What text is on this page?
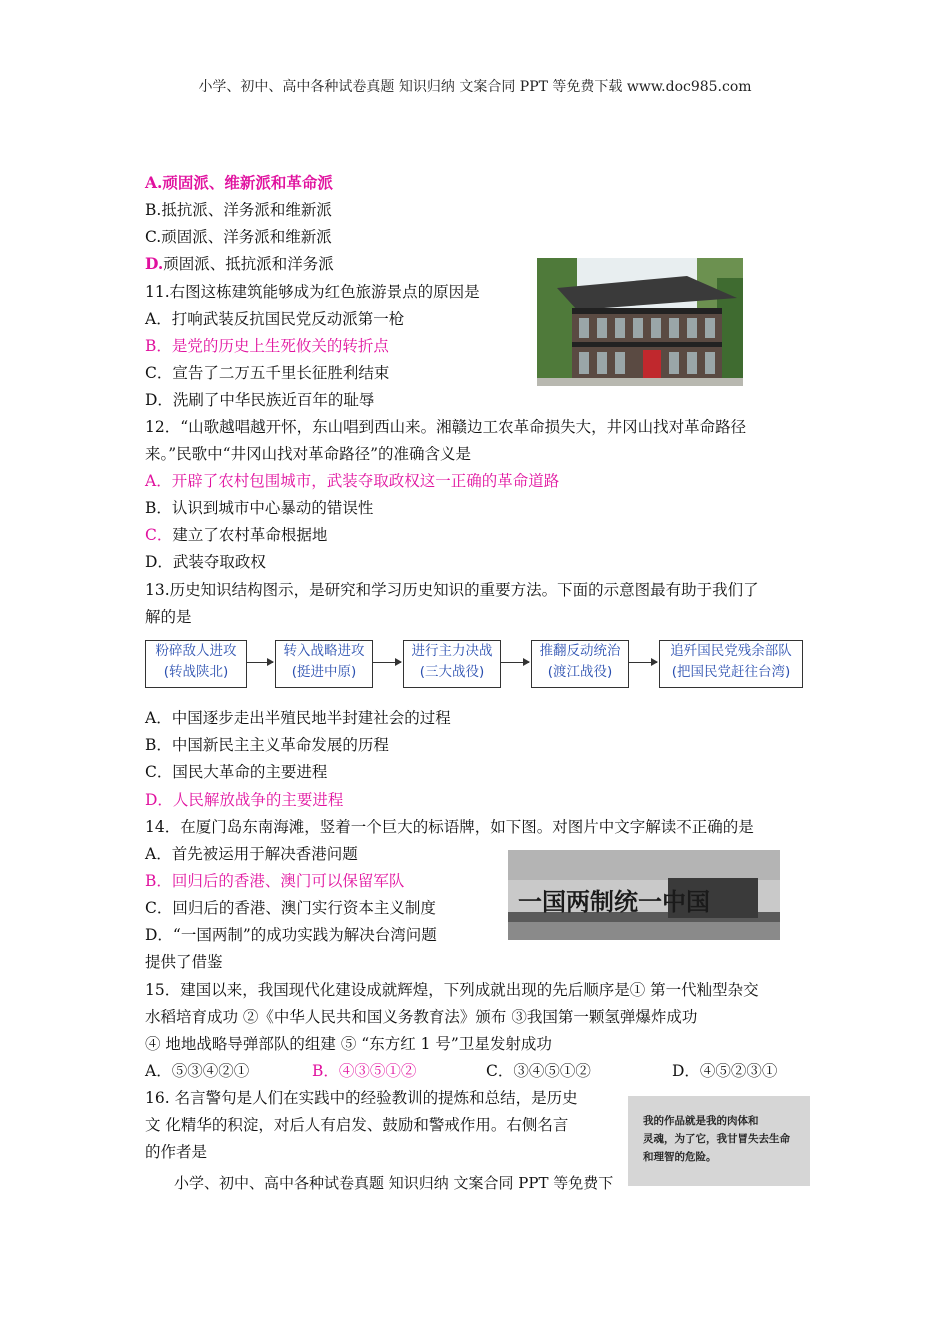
小学、初中、高中各种试卷真题 知识归纳 文案合同 PPT 等免费下载 www.doc985.com
A.顽固派、维新派和革命派
B.抵抗派、洋务派和维新派
C.顽固派、洋务派和维新派
D.顽固派、抵抗派和洋务派
11.右图这栋建筑能够成为红色旅游景点的原因是
A．打响武装反抗国民党反动派第一枪
B．是党的历史上生死攸关的转折点
C．宣告了二万五千里长征胜利结束
D．洗刷了中华民族近百年的耻辱
12．“山歌越唱越开怀，东山唱到西山来。湘赣边工农革命损失大，井冈山找对革命路径
来。”民歌中“井冈山找对革命路径”的准确含义是
A．开辟了农村包围城市，武装夺取政权这一正确的革命道路
B．认识到城市中心暴动的错误性
C．建立了农村革命根据地
D．武装夺取政权
13.历史知识结构图示，是研究和学习历史知识的重要方法。下面的示意图最有助于我们了
解的是
粉碎敌人进攻
(转战陕北)
转入战略进攻
(挺进中原)
进行主力决战
(三大战役)
推翻反动统治
(渡江战役)
追歼国民党残余部队
(把国民党赶往台湾)
A．中国逐步走出半殖民地半封建社会的过程
B．中国新民主主义革命发展的历程
C．国民大革命的主要进程
D．人民解放战争的主要进程
14．在厦门岛东南海滩，竖着一个巨大的标语牌，如下图。对图片中文字解读不正确的是
A．首先被运用于解决香港问题
B．回归后的香港、澳门可以保留军队
C．回归后的香港、澳门实行资本主义制度
D．“一国两制”的成功实践为解决台湾问题
提供了借鉴
一国两制统一中国
15．建国以来，我国现代化建设成就辉煌，下列成就出现的先后顺序是① 第一代籼型杂交
水稻培育成功 ②《中华人民共和国义务教育法》颁布 ③我国第一颗氢弹爆炸成功
④ 地地战略导弹部队的组建 ⑤ “东方红 1 号”卫星发射成功
A．⑤③④②①	B．④③⑤①②	C．③④⑤①②	D．④⑤②③①
16. 名言警句是人们在实践中的经验教训的提炼和总结，是历史
文 化精华的积淀，对后人有启发、鼓励和警戒作用。右侧名言
的作者是
我的作品就是我的肉体和
灵魂，为了它，我甘冒失去生命
和理智的危险。
小学、初中、高中各种试卷真题 知识归纳 文案合同 PPT 等免费下
